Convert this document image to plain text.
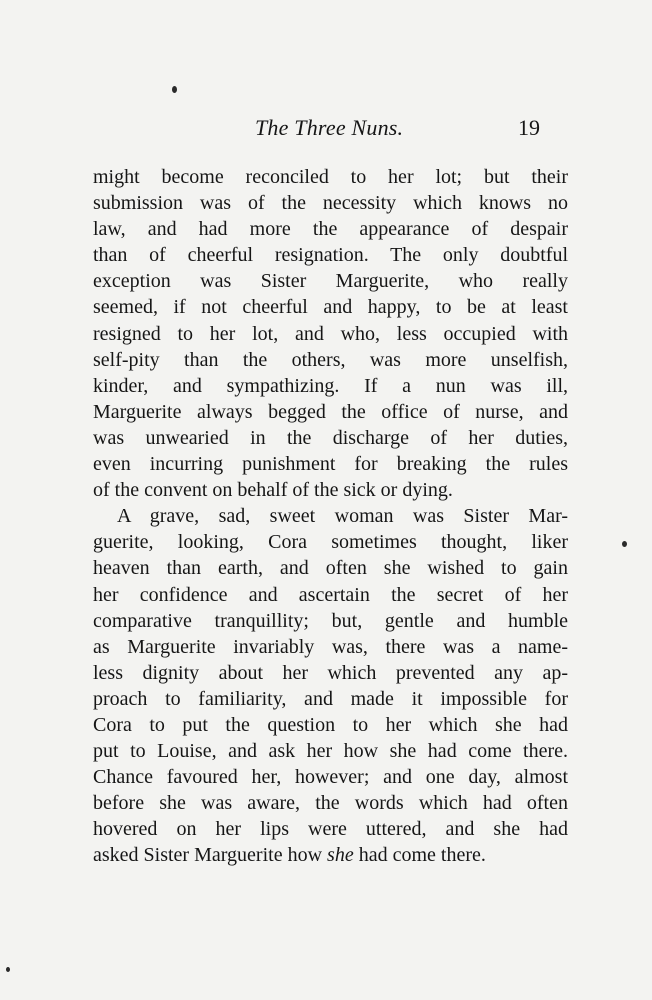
The Three Nuns.	19
might become reconciled to her lot; but their
submission was of the necessity which knows no
law, and had more the appearance of despair
than of cheerful resignation. The only doubtful
exception was Sister Marguerite, who really
seemed, if not cheerful and happy, to be at least
resigned to her lot, and who, less occupied with
self-pity than the others, was more unselfish,
kinder, and sympathizing. If a nun was ill,
Marguerite always begged the office of nurse, and
was unwearied in the discharge of her duties,
even incurring punishment for breaking the rules
of the convent on behalf of the sick or dying.
A grave, sad, sweet woman was Sister Mar-
guerite, looking, Cora sometimes thought, liker
heaven than earth, and often she wished to gain
her confidence and ascertain the secret of her
comparative tranquillity; but, gentle and humble
as Marguerite invariably was, there was a name-
less dignity about her which prevented any ap-
proach to familiarity, and made it impossible for
Cora to put the question to her which she had
put to Louise, and ask her how she had come there.
Chance favoured her, however; and one day, almost
before she was aware, the words which had often
hovered on her lips were uttered, and she had
asked Sister Marguerite how she had come there.
